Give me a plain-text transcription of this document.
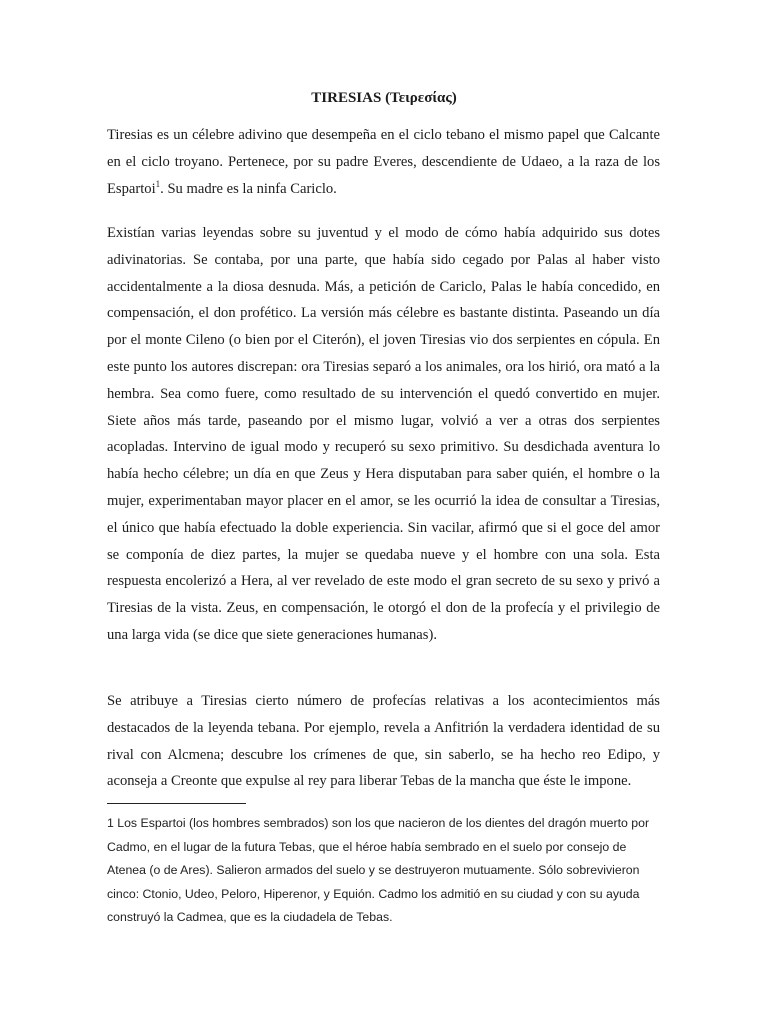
TIRESIAS (Τειρεσίας)

Tiresias es un célebre adivino que desempeña en el ciclo tebano el mismo papel que Calcante en el ciclo troyano. Pertenece, por su padre Everes, descendiente de Udaeo, a la raza de los Espartoi$^1$. Su madre es la ninfa Cariclo.

Existían varias leyendas sobre su juventud y el modo de cómo había adquirido sus dotes adivinatorias. Se contaba, por una parte, que había sido cegado por Palas al haber visto accidentalmente a la diosa desnuda. Más, a petición de Cariclo, Palas le había concedido, en compensación, el don profético. La versión más célebre es bastante distinta. Paseando un día por el monte Cileno (o bien por el Citerón), el joven Tiresias vio dos serpientes en cópula. En este punto los autores discrepan: ora Tiresias separó a los animales, ora los hirió, ora mató a la hembra. Sea como fuere, como resultado de su intervención el quedó convertido en mujer. Siete años más tarde, paseando por el mismo lugar, volvió a ver a otras dos serpientes acopladas. Intervino de igual modo y recuperó su sexo primitivo. Su desdichada aventura lo había hecho célebre; un día en que Zeus y Hera disputaban para saber quién, el hombre o la mujer, experimentaban mayor placer en el amor, se les ocurrió la idea de consultar a Tiresias, el único que había efectuado la doble experiencia. Sin vacilar, afirmó que si el goce del amor se componía de diez partes, la mujer se quedaba nueve y el hombre con una sola. Esta respuesta encolerizó a Hera, al ver revelado de este modo el gran secreto de su sexo y privó a Tiresias de la vista. Zeus, en compensación, le otorgó el don de la profecía y el privilegio de una larga vida (se dice que siete generaciones humanas).

Se atribuye a Tiresias cierto número de profecías relativas a los acontecimientos más destacados de la leyenda tebana. Por ejemplo, revela a Anfitrión la verdadera identidad de su rival con Alcmena; descubre los crímenes de que, sin saberlo, se ha hecho reo Edipo, y aconseja a Creonte que expulse al rey para liberar Tebas de la mancha que éste le impone.

1 Los Espartoi (los hombres sembrados) son los que nacieron de los dientes del dragón muerto por Cadmo, en el lugar de la futura Tebas, que el héroe había sembrado en el suelo por consejo de Atenea (o de Ares). Salieron armados del suelo y se destruyeron mutuamente. Sólo sobrevivieron cinco: Ctonio, Udeo, Peloro, Hiperenor, y Equión. Cadmo los admitió en su ciudad y con su ayuda construyó la Cadmea, que es la ciudadela de Tebas.
